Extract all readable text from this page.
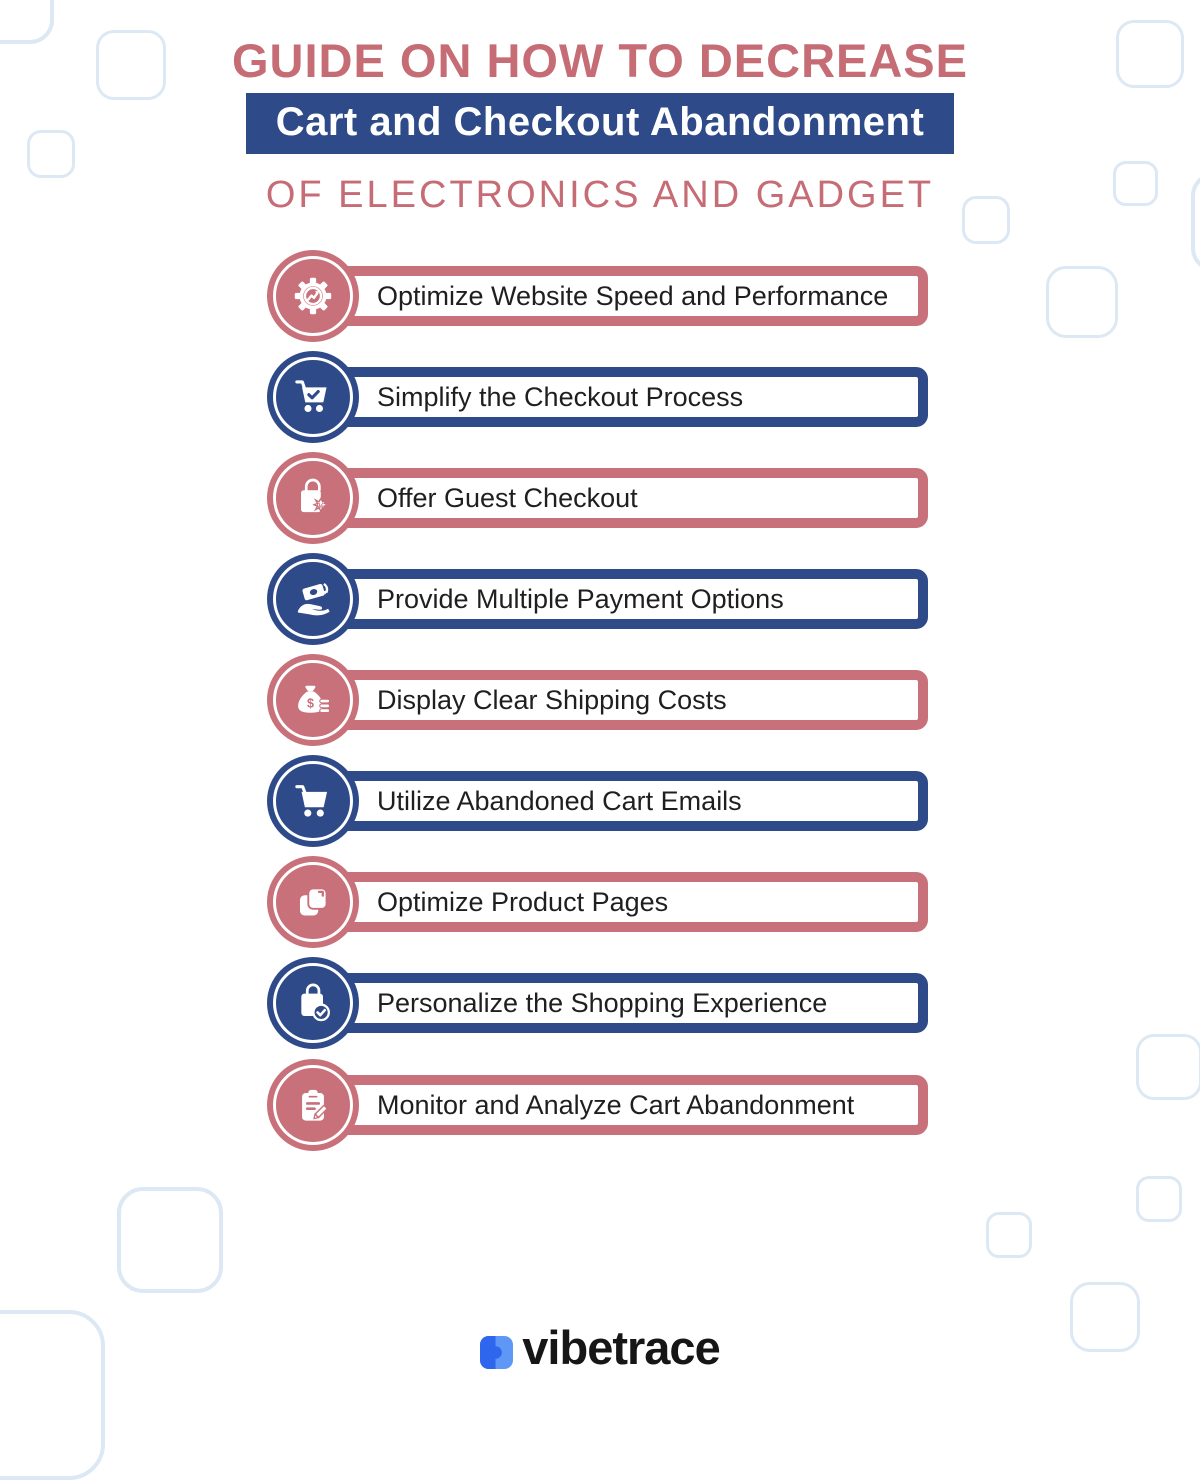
GUIDE ON HOW TO DECREASE
Cart and Checkout Abandonment
OF ELECTRONICS AND GADGET
Optimize Website Speed and Performance
Simplify the Checkout Process
Offer Guest Checkout
Provide Multiple Payment Options
Display Clear Shipping Costs
Utilize Abandoned Cart Emails
Optimize Product Pages
Personalize the Shopping Experience
Monitor and Analyze Cart Abandonment
vibetrace
